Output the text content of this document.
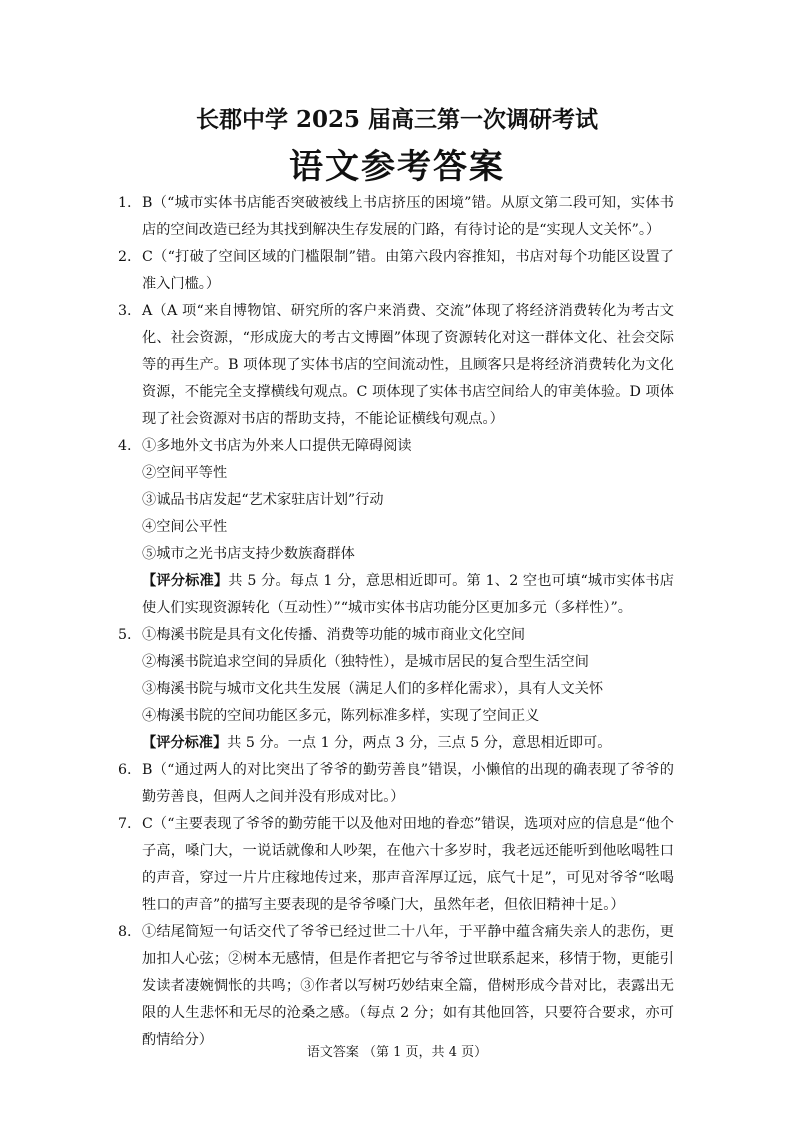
长郡中学 2025 届高三第一次调研考试
语文参考答案
1. B（“城市实体书店能否突破被线上书店挤压的困境”错。从原文第二段可知，实体书店的空间改造已经为其找到解决生存发展的门路，有待讨论的是“实现人文关怀”。）
2. C（“打破了空间区域的门槛限制”错。由第六段内容推知，书店对每个功能区设置了准入门槛。）
3. A（A 项“来自博物馆、研究所的客户来消费、交流”体现了将经济消费转化为考古文化、社会资源，“形成庞大的考古文博圈”体现了资源转化对这一群体文化、社会交际等的再生产。B 项体现了实体书店的空间流动性，且顾客只是将经济消费转化为文化资源，不能完全支撑横线句观点。C 项体现了实体书店空间给人的审美体验。D 项体现了社会资源对书店的帮助支持，不能论证横线句观点。）
4. ①多地外文书店为外来人口提供无障碍阅读
②空间平等性
③诚品书店发起“艺术家驻店计划”行动
④空间公平性
⑤城市之光书店支持少数族裔群体
【评分标准】共 5 分。每点 1 分，意思相近即可。第 1、2 空也可填“城市实体书店使人们实现资源转化（互动性）”“城市实体书店功能分区更加多元（多样性）”。
5. ①梅溪书院是具有文化传播、消费等功能的城市商业文化空间
②梅溪书院追求空间的异质化（独特性），是城市居民的复合型生活空间
③梅溪书院与城市文化共生发展（满足人们的多样化需求），具有人文关怀
④梅溪书院的空间功能区多元，陈列标准多样，实现了空间正义
【评分标准】共 5 分。一点 1 分，两点 3 分，三点 5 分，意思相近即可。
6. B（“通过两人的对比突出了爷爷的勤劳善良”错误，小懒倌的出现的确表现了爷爷的勤劳善良，但两人之间并没有形成对比。）
7. C（“主要表现了爷爷的勤劳能干以及他对田地的眷恋”错误，选项对应的信息是“他个子高，嗓门大，一说话就像和人吵架，在他六十多岁时，我老远还能听到他吆喝牲口的声音，穿过一片片庄稼地传过来，那声音浑厚辽远，底气十足”，可见对爷爷“吆喝牲口的声音”的描写主要表现的是爷爷嗓门大，虽然年老，但依旧精神十足。）
8. ①结尾简短一句话交代了爷爷已经过世二十八年，于平静中蕴含痛失亲人的悲伤，更加扣人心弦；②树本无感情，但是作者把它与爷爷过世联系起来，移情于物，更能引发读者凄婉惆怅的共鸣；③作者以写树巧妙结束全篇，借树形成今昔对比，表露出无限的人生悲怀和无尽的沧桑之感。（每点 2 分；如有其他回答，只要符合要求，亦可酌情给分）
语文答案 （第 1 页，共 4 页）
